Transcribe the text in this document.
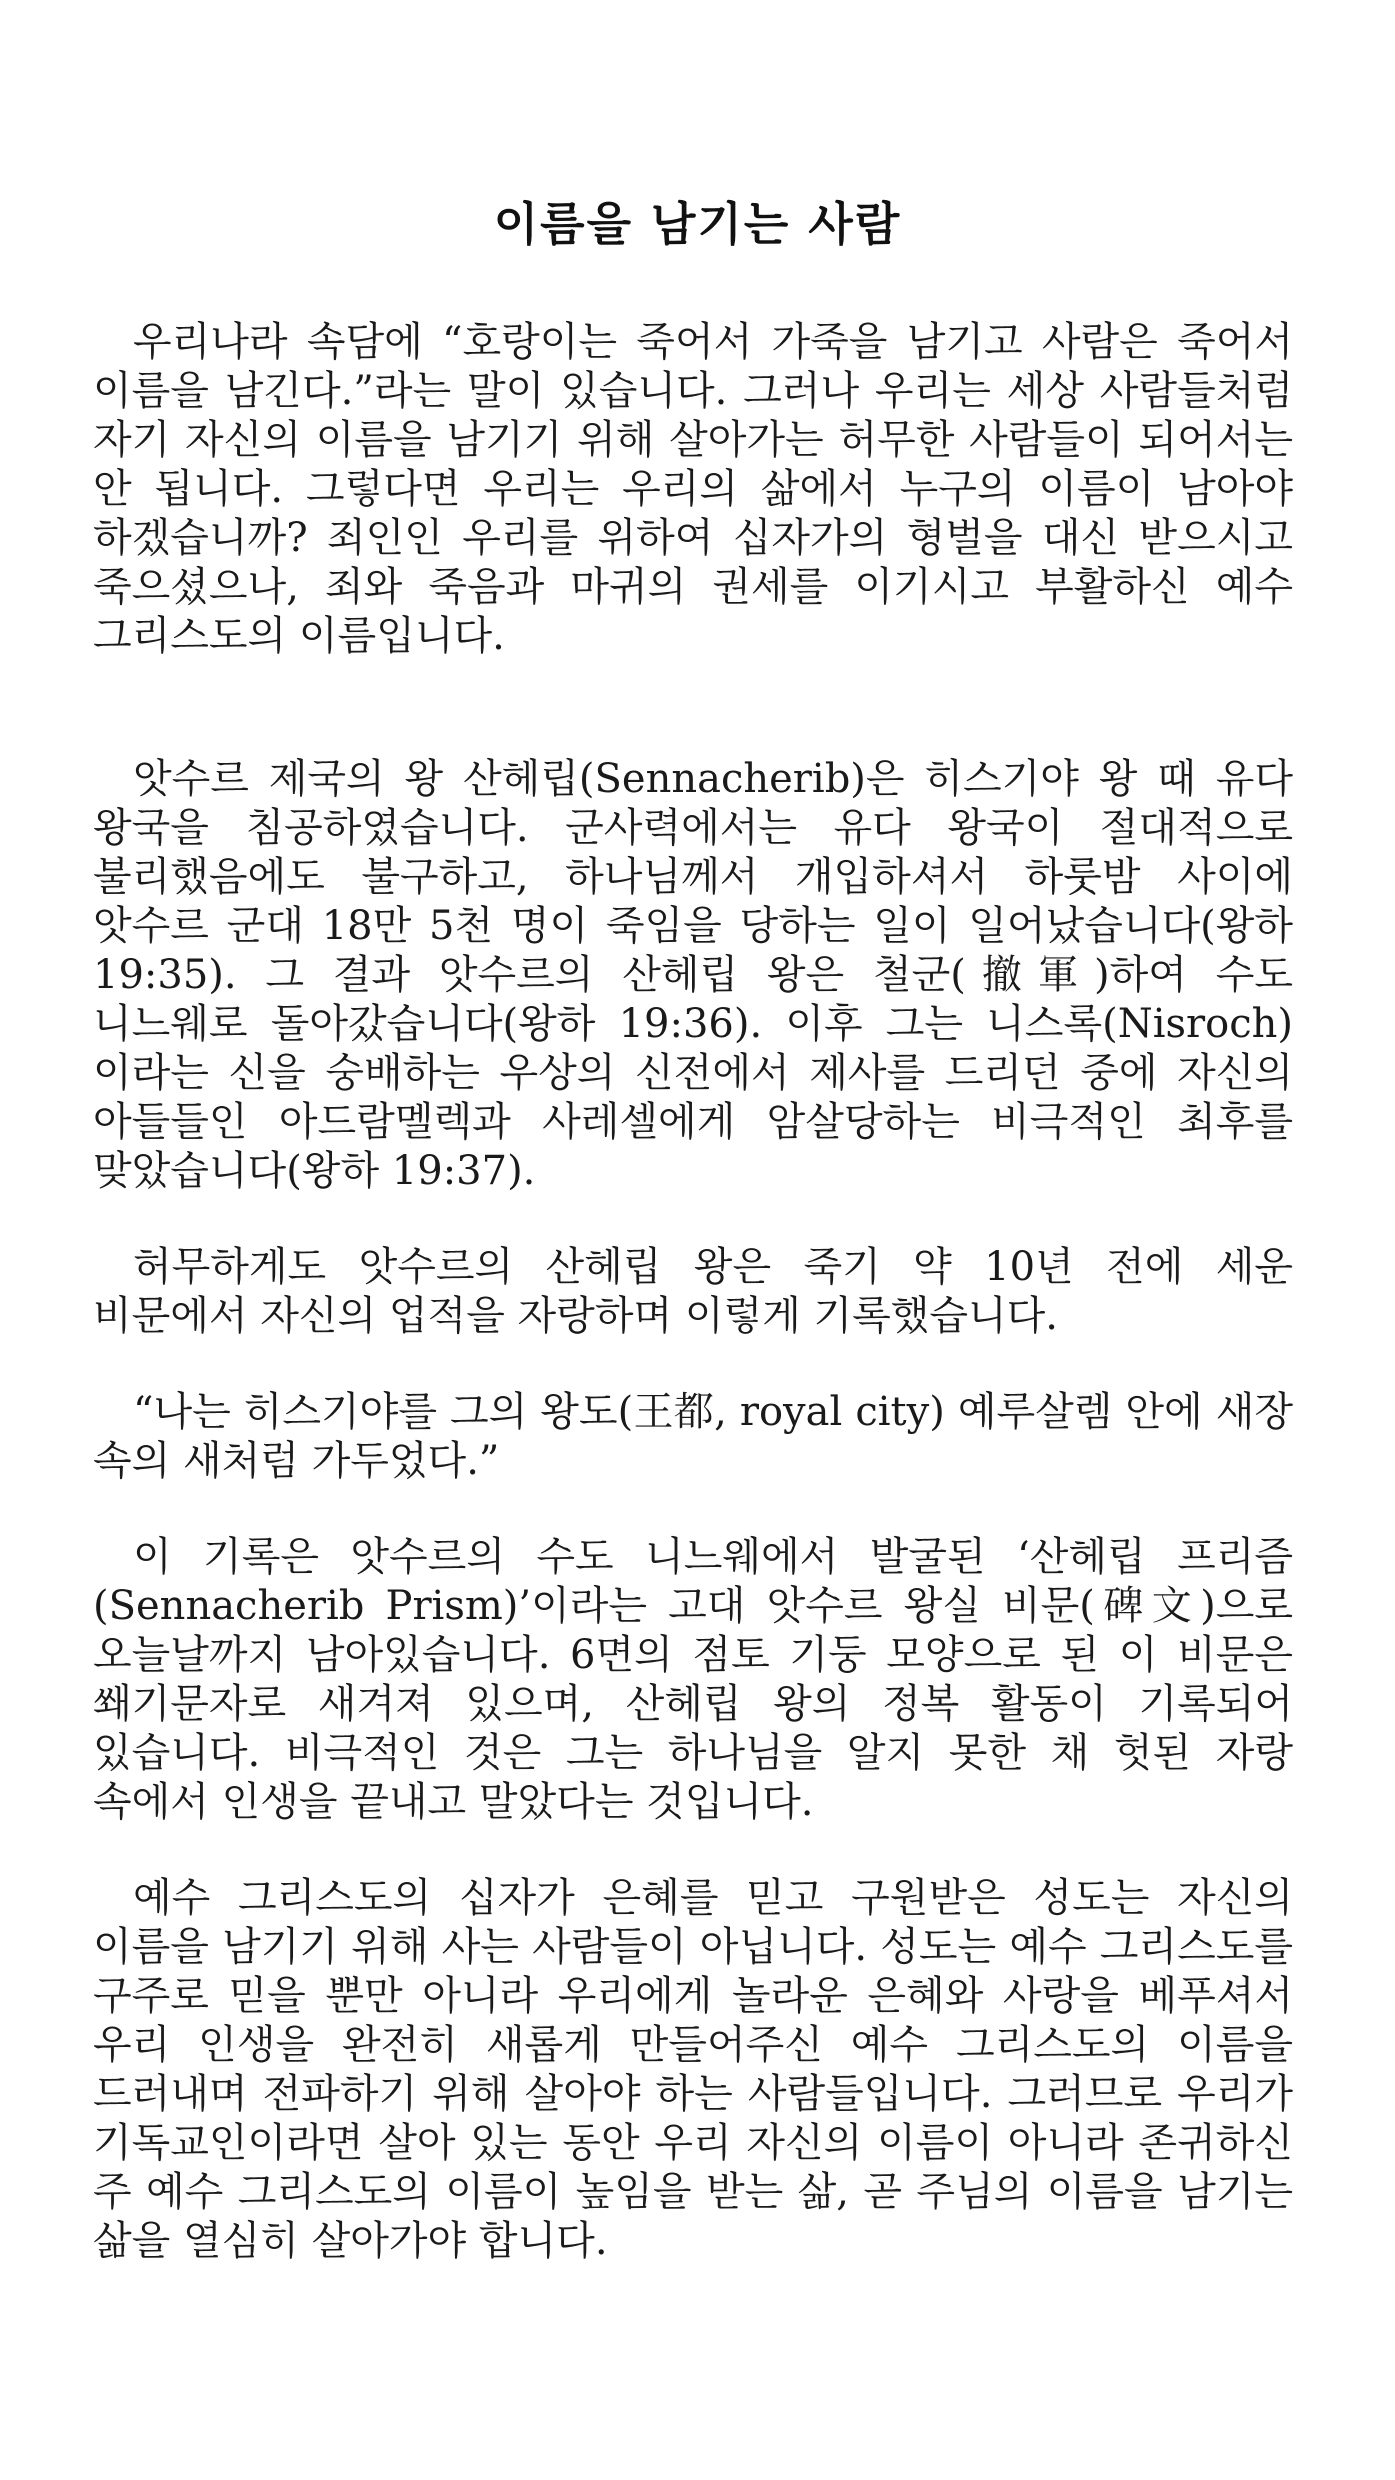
이름을 남기는 사람

우리나라 속담에 “호랑이는 죽어서 가죽을 남기고 사람은 죽어서 이름을 남긴다.”라는 말이 있습니다. 그러나 우리는 세상 사람들처럼 자기 자신의 이름을 남기기 위해 살아가는 허무한 사람들이 되어서는 안 됩니다. 그렇다면 우리는 우리의 삶에서 누구의 이름이 남아야 하겠습니까? 죄인인 우리를 위하여 십자가의 형벌을 대신 받으시고 죽으셨으나, 죄와 죽음과 마귀의 권세를 이기시고 부활하신 예수 그리스도의 이름입니다.

앗수르 제국의 왕 산헤립(Sennacherib)은 히스기야 왕 때 유다 왕국을 침공하였습니다. 군사력에서는 유다 왕국이 절대적으로 불리했음에도 불구하고, 하나님께서 개입하셔서 하룻밤 사이에 앗수르 군대 18만 5천 명이 죽임을 당하는 일이 일어났습니다(왕하 19:35). 그 결과 앗수르의 산헤립 왕은 철군(撤軍)하여 수도 니느웨로 돌아갔습니다(왕하 19:36). 이후 그는 니스록(Nisroch)이라는 신을 숭배하는 우상의 신전에서 제사를 드리던 중에 자신의 아들들인 아드람멜렉과 사레셀에게 암살당하는 비극적인 최후를 맞았습니다(왕하 19:37).

허무하게도 앗수르의 산헤립 왕은 죽기 약 10년 전에 세운 비문에서 자신의 업적을 자랑하며 이렇게 기록했습니다.

“나는 히스기야를 그의 왕도(王都, royal city) 예루살렘 안에 새장 속의 새처럼 가두었다.”

이 기록은 앗수르의 수도 니느웨에서 발굴된 ‘산헤립 프리즘(Sennacherib Prism)’이라는 고대 앗수르 왕실 비문(碑文)으로 오늘날까지 남아있습니다. 6면의 점토 기둥 모양으로 된 이 비문은 쐐기문자로 새겨져 있으며, 산헤립 왕의 정복 활동이 기록되어 있습니다. 비극적인 것은 그는 하나님을 알지 못한 채 헛된 자랑 속에서 인생을 끝내고 말았다는 것입니다.

예수 그리스도의 십자가 은혜를 믿고 구원받은 성도는 자신의 이름을 남기기 위해 사는 사람들이 아닙니다. 성도는 예수 그리스도를 구주로 믿을 뿐만 아니라 우리에게 놀라운 은혜와 사랑을 베푸셔서 우리 인생을 완전히 새롭게 만들어주신 예수 그리스도의 이름을 드러내며 전파하기 위해 살아야 하는 사람들입니다. 그러므로 우리가 기독교인이라면 살아 있는 동안 우리 자신의 이름이 아니라 존귀하신 주 예수 그리스도의 이름이 높임을 받는 삶, 곧 주님의 이름을 남기는 삶을 열심히 살아가야 합니다.
